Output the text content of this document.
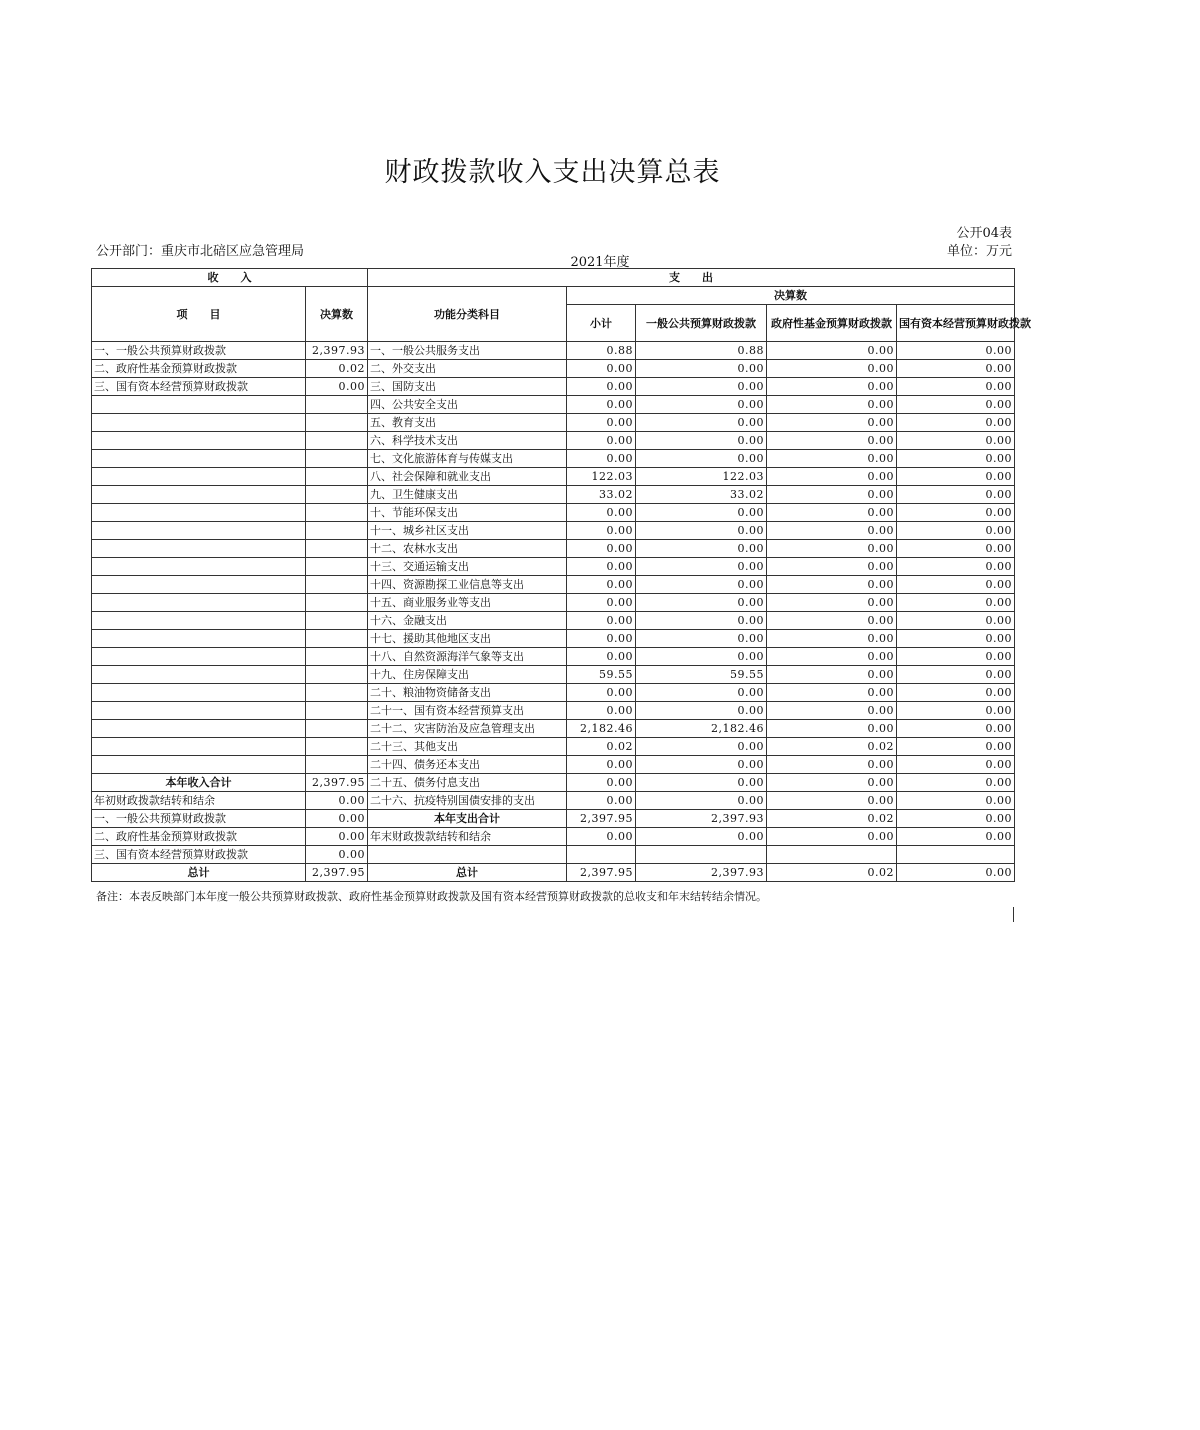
财政拨款收入支出决算总表
公开04表
公开部门：重庆市北碚区应急管理局
2021年度
单位：万元
收　　入		支　　出				
项　　目	决算数	功能分类科目	决算数			
			小计	一般公共预算财政拨款	政府性基金预算财政拨款	国有资本经营预算财政拨款

一、一般公共预算财政拨款	2,397.93	一、一般公共服务支出	0.88	0.88	0.00	0.00
二、政府性基金预算财政拨款	0.02	二、外交支出	0.00	0.00	0.00	0.00
三、国有资本经营预算财政拨款	0.00	三、国防支出	0.00	0.00	0.00	0.00
		四、公共安全支出	0.00	0.00	0.00	0.00
		五、教育支出	0.00	0.00	0.00	0.00
		六、科学技术支出	0.00	0.00	0.00	0.00
		七、文化旅游体育与传媒支出	0.00	0.00	0.00	0.00
		八、社会保障和就业支出	122.03	122.03	0.00	0.00
		九、卫生健康支出	33.02	33.02	0.00	0.00
		十、节能环保支出	0.00	0.00	0.00	0.00
		十一、城乡社区支出	0.00	0.00	0.00	0.00
		十二、农林水支出	0.00	0.00	0.00	0.00
		十三、交通运输支出	0.00	0.00	0.00	0.00
		十四、资源勘探工业信息等支出	0.00	0.00	0.00	0.00
		十五、商业服务业等支出	0.00	0.00	0.00	0.00
		十六、金融支出	0.00	0.00	0.00	0.00
		十七、援助其他地区支出	0.00	0.00	0.00	0.00
		十八、自然资源海洋气象等支出	0.00	0.00	0.00	0.00
		十九、住房保障支出	59.55	59.55	0.00	0.00
		二十、粮油物资储备支出	0.00	0.00	0.00	0.00
		二十一、国有资本经营预算支出	0.00	0.00	0.00	0.00
		二十二、灾害防治及应急管理支出	2,182.46	2,182.46	0.00	0.00
		二十三、其他支出	0.02	0.00	0.02	0.00
		二十四、债务还本支出	0.00	0.00	0.00	0.00
本年收入合计	2,397.95	二十五、债务付息支出	0.00	0.00	0.00	0.00
年初财政拨款结转和结余	0.00	二十六、抗疫特别国债安排的支出	0.00	0.00	0.00	0.00
一、一般公共预算财政拨款	0.00	本年支出合计	2,397.95	2,397.93	0.02	0.00
二、政府性基金预算财政拨款	0.00	年末财政拨款结转和结余	0.00	0.00	0.00	0.00
三、国有资本经营预算财政拨款	0.00					
总计	2,397.95	总计	2,397.95	2,397.93	0.02	0.00
备注：本表反映部门本年度一般公共预算财政拨款、政府性基金预算财政拨款及国有资本经营预算财政拨款的总收支和年末结转结余情况。
